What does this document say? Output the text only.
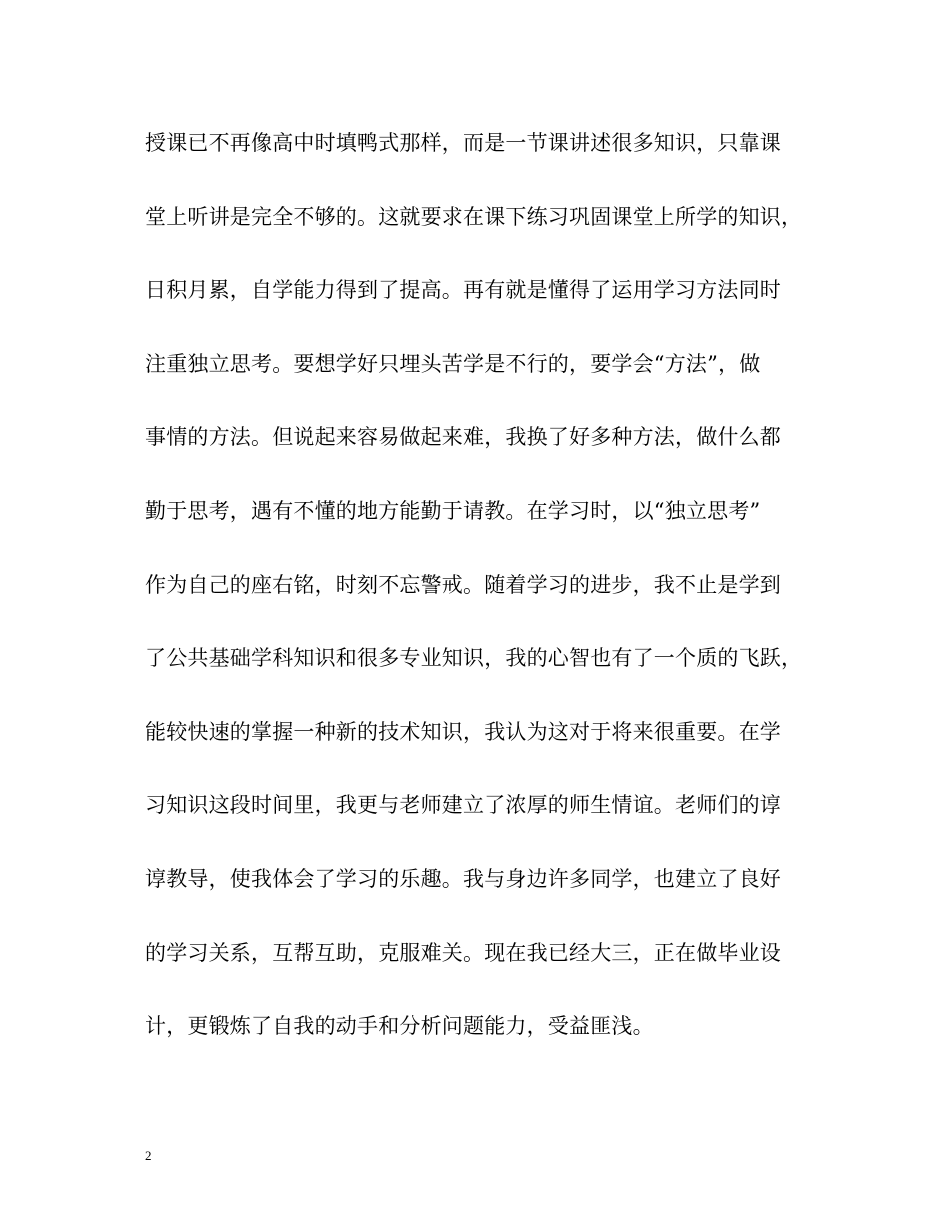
授课已不再像高中时填鸭式那样，而是一节课讲述很多知识，只靠课
堂上听讲是完全不够的。这就要求在课下练习巩固课堂上所学的知识，
日积月累，自学能力得到了提高。再有就是懂得了运用学习方法同时
注重独立思考。要想学好只埋头苦学是不行的，要学会“方法”，做
事情的方法。但说起来容易做起来难，我换了好多种方法，做什么都
勤于思考，遇有不懂的地方能勤于请教。在学习时，以“独立思考”
作为自己的座右铭，时刻不忘警戒。随着学习的进步，我不止是学到
了公共基础学科知识和很多专业知识，我的心智也有了一个质的飞跃，
能较快速的掌握一种新的技术知识，我认为这对于将来很重要。在学
习知识这段时间里，我更与老师建立了浓厚的师生情谊。老师们的谆
谆教导，使我体会了学习的乐趣。我与身边许多同学，也建立了良好
的学习关系，互帮互助，克服难关。现在我已经大三，正在做毕业设
计，更锻炼了自我的动手和分析问题能力，受益匪浅。
2
